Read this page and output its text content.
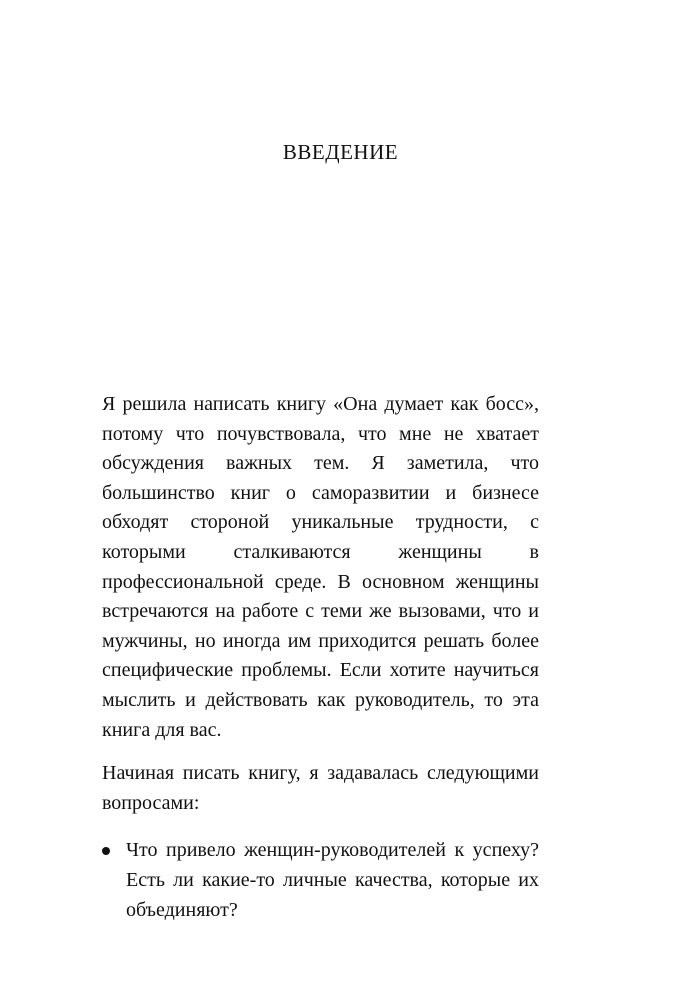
ВВЕДЕНИЕ

Я решила написать книгу «Она думает как босс», потому что почувствовала, что мне не хватает обсуждения важных тем. Я заметила, что большинство книг о саморазвитии и бизнесе обходят стороной уникальные трудности, с которыми сталкиваются женщины в профессиональной среде. В основном женщины встречаются на работе с теми же вызовами, что и мужчины, но иногда им приходится решать более специфические проблемы. Если хотите научиться мыслить и действовать как руководитель, то эта книга для вас.

Начиная писать книгу, я задавалась следующими вопросами:

Что привело женщин-руководителей к успеху? Есть ли какие-то личные качества, которые их объединяют?
